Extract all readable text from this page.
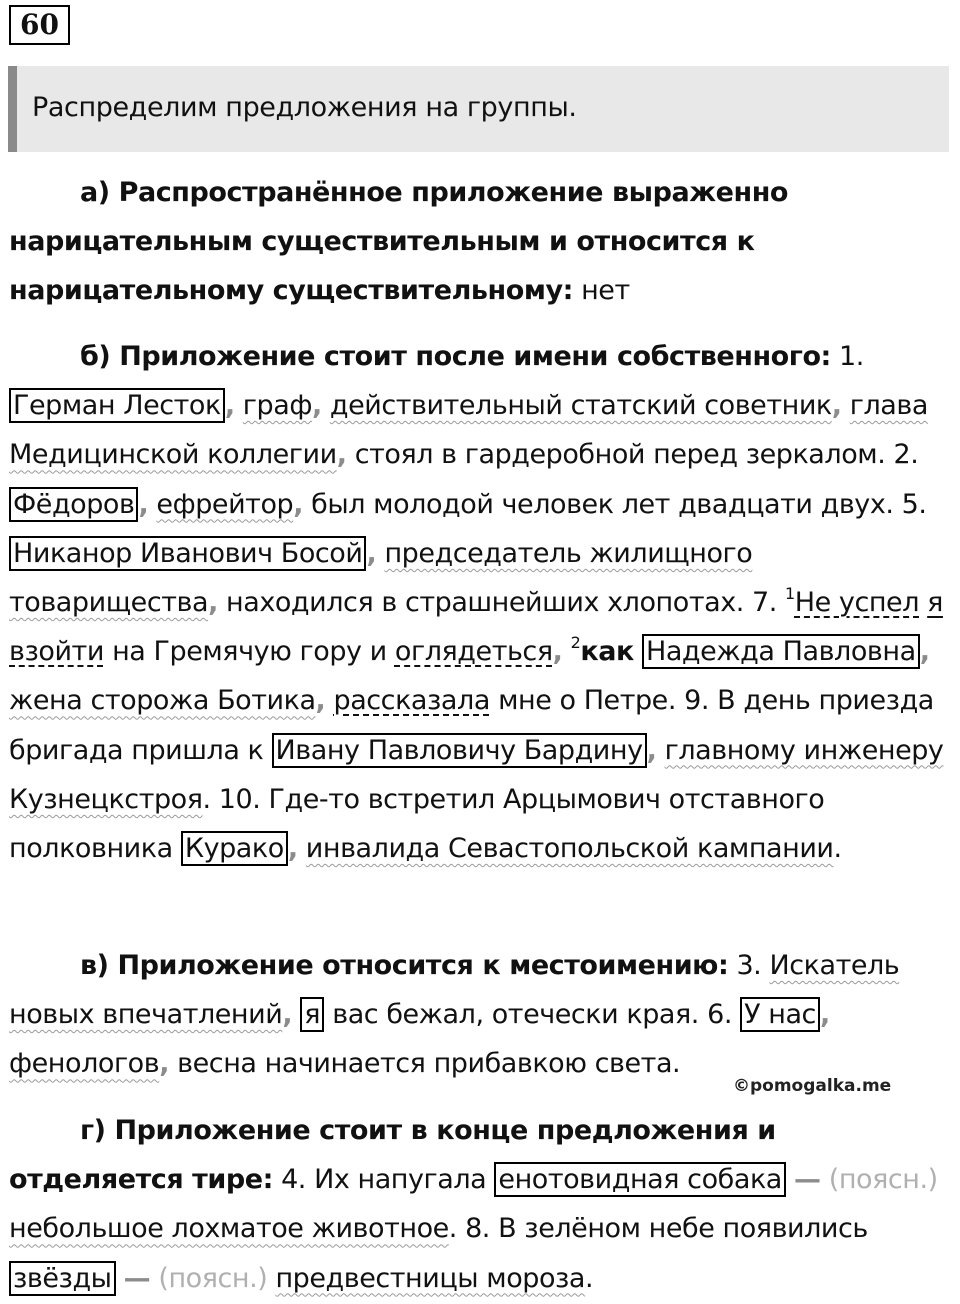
60
Распределим предложения на группы.
а) Распространённое приложение выраженно нарицательным существительным и относится к нарицательному существительному: нет
б) Приложение стоит после имени собственного: 1. Герман Лесток , граф, действительный статский советник, глава Медицинской коллегии, стоял в гардеробной перед зеркалом. 2. Фёдоров , ефрейтор, был молодой человек лет двадцати двух. 5. Никанор Иванович Босой , председатель жилищного товарищества, находился в страшнейших хлопотах. 7. $^1$Не успел я взойти на Гремячую гору и оглядеться, $^2$как Надежда Павловна , жена сторожа Ботика, рассказала мне о Петре. 9. В день приезда бригада пришла к Ивану Павловичу Бардину , главному инженеру Кузнецкстроя. 10. Где-то встретил Арцымович отставного полковника Курако , инвалида Севастопольской кампании.
в) Приложение относится к местоимению: 3. Искатель новых впечатлений, я вас бежал, отечески края. 6. У нас , фенологов, весна начинается прибавкою света.
©pomogalka.me
г) Приложение стоит в конце предложения и отделяется тире: 4. Их напугала енотовидная собака — (поясн.) небольшое лохматое животное. 8. В зелёном небе появились звёзды — (поясн.) предвестницы мороза.
